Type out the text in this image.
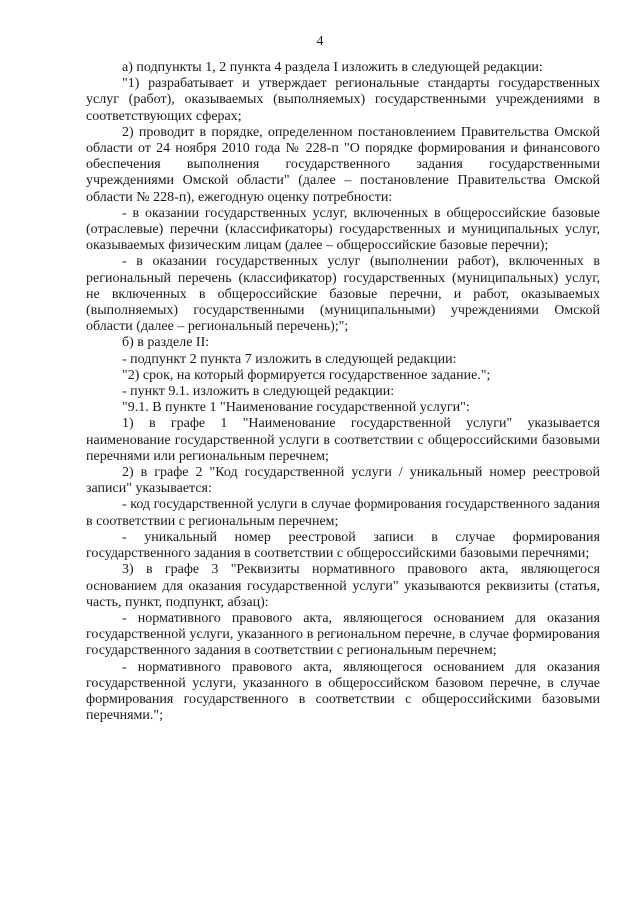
4

а) подпункты 1, 2 пункта 4 раздела I изложить в следующей редакции:

"1) разрабатывает и утверждает региональные стандарты государственных услуг (работ), оказываемых (выполняемых) государственными учреждениями в соответствующих сферах;

2) проводит в порядке, определенном постановлением Правительства Омской области от 24 ноября 2010 года № 228-п "О порядке формирования и финансового обеспечения выполнения государственного задания государственными учреждениями Омской области" (далее – постановление Правительства Омской области № 228-п), ежегодную оценку потребности:

- в оказании государственных услуг, включенных в общероссийские базовые (отраслевые) перечни (классификаторы) государственных и муниципальных услуг, оказываемых физическим лицам (далее – общероссийские базовые перечни);

- в оказании государственных услуг (выполнении работ), включенных в региональный перечень (классификатор) государственных (муниципальных) услуг, не включенных в общероссийские базовые перечни, и работ, оказываемых (выполняемых) государственными (муниципальными) учреждениями Омской области (далее – региональный перечень);";

б) в разделе II:

- подпункт 2 пункта 7 изложить в следующей редакции:

"2) срок, на который формируется государственное задание.";

- пункт 9.1. изложить в следующей редакции:

"9.1. В пункте 1 "Наименование государственной услуги":

1) в графе 1 "Наименование государственной услуги" указывается наименование государственной услуги в соответствии с общероссийскими базовыми перечнями или региональным перечнем;

2) в графе 2 "Код государственной услуги / уникальный номер реестровой записи" указывается:

- код государственной услуги в случае формирования государственного задания в соответствии с региональным перечнем;

- уникальный номер реестровой записи в случае формирования государственного задания в соответствии с общероссийскими базовыми перечнями;

3) в графе 3 "Реквизиты нормативного правового акта, являющегося основанием для оказания государственной услуги" указываются реквизиты (статья, часть, пункт, подпункт, абзац):

- нормативного правового акта, являющегося основанием для оказания государственной услуги, указанного в региональном перечне, в случае формирования государственного задания в соответствии с региональным перечнем;

- нормативного правового акта, являющегося основанием для оказания государственной услуги, указанного в общероссийском базовом перечне, в случае формирования государственного в соответствии с общероссийскими базовыми перечнями.";
